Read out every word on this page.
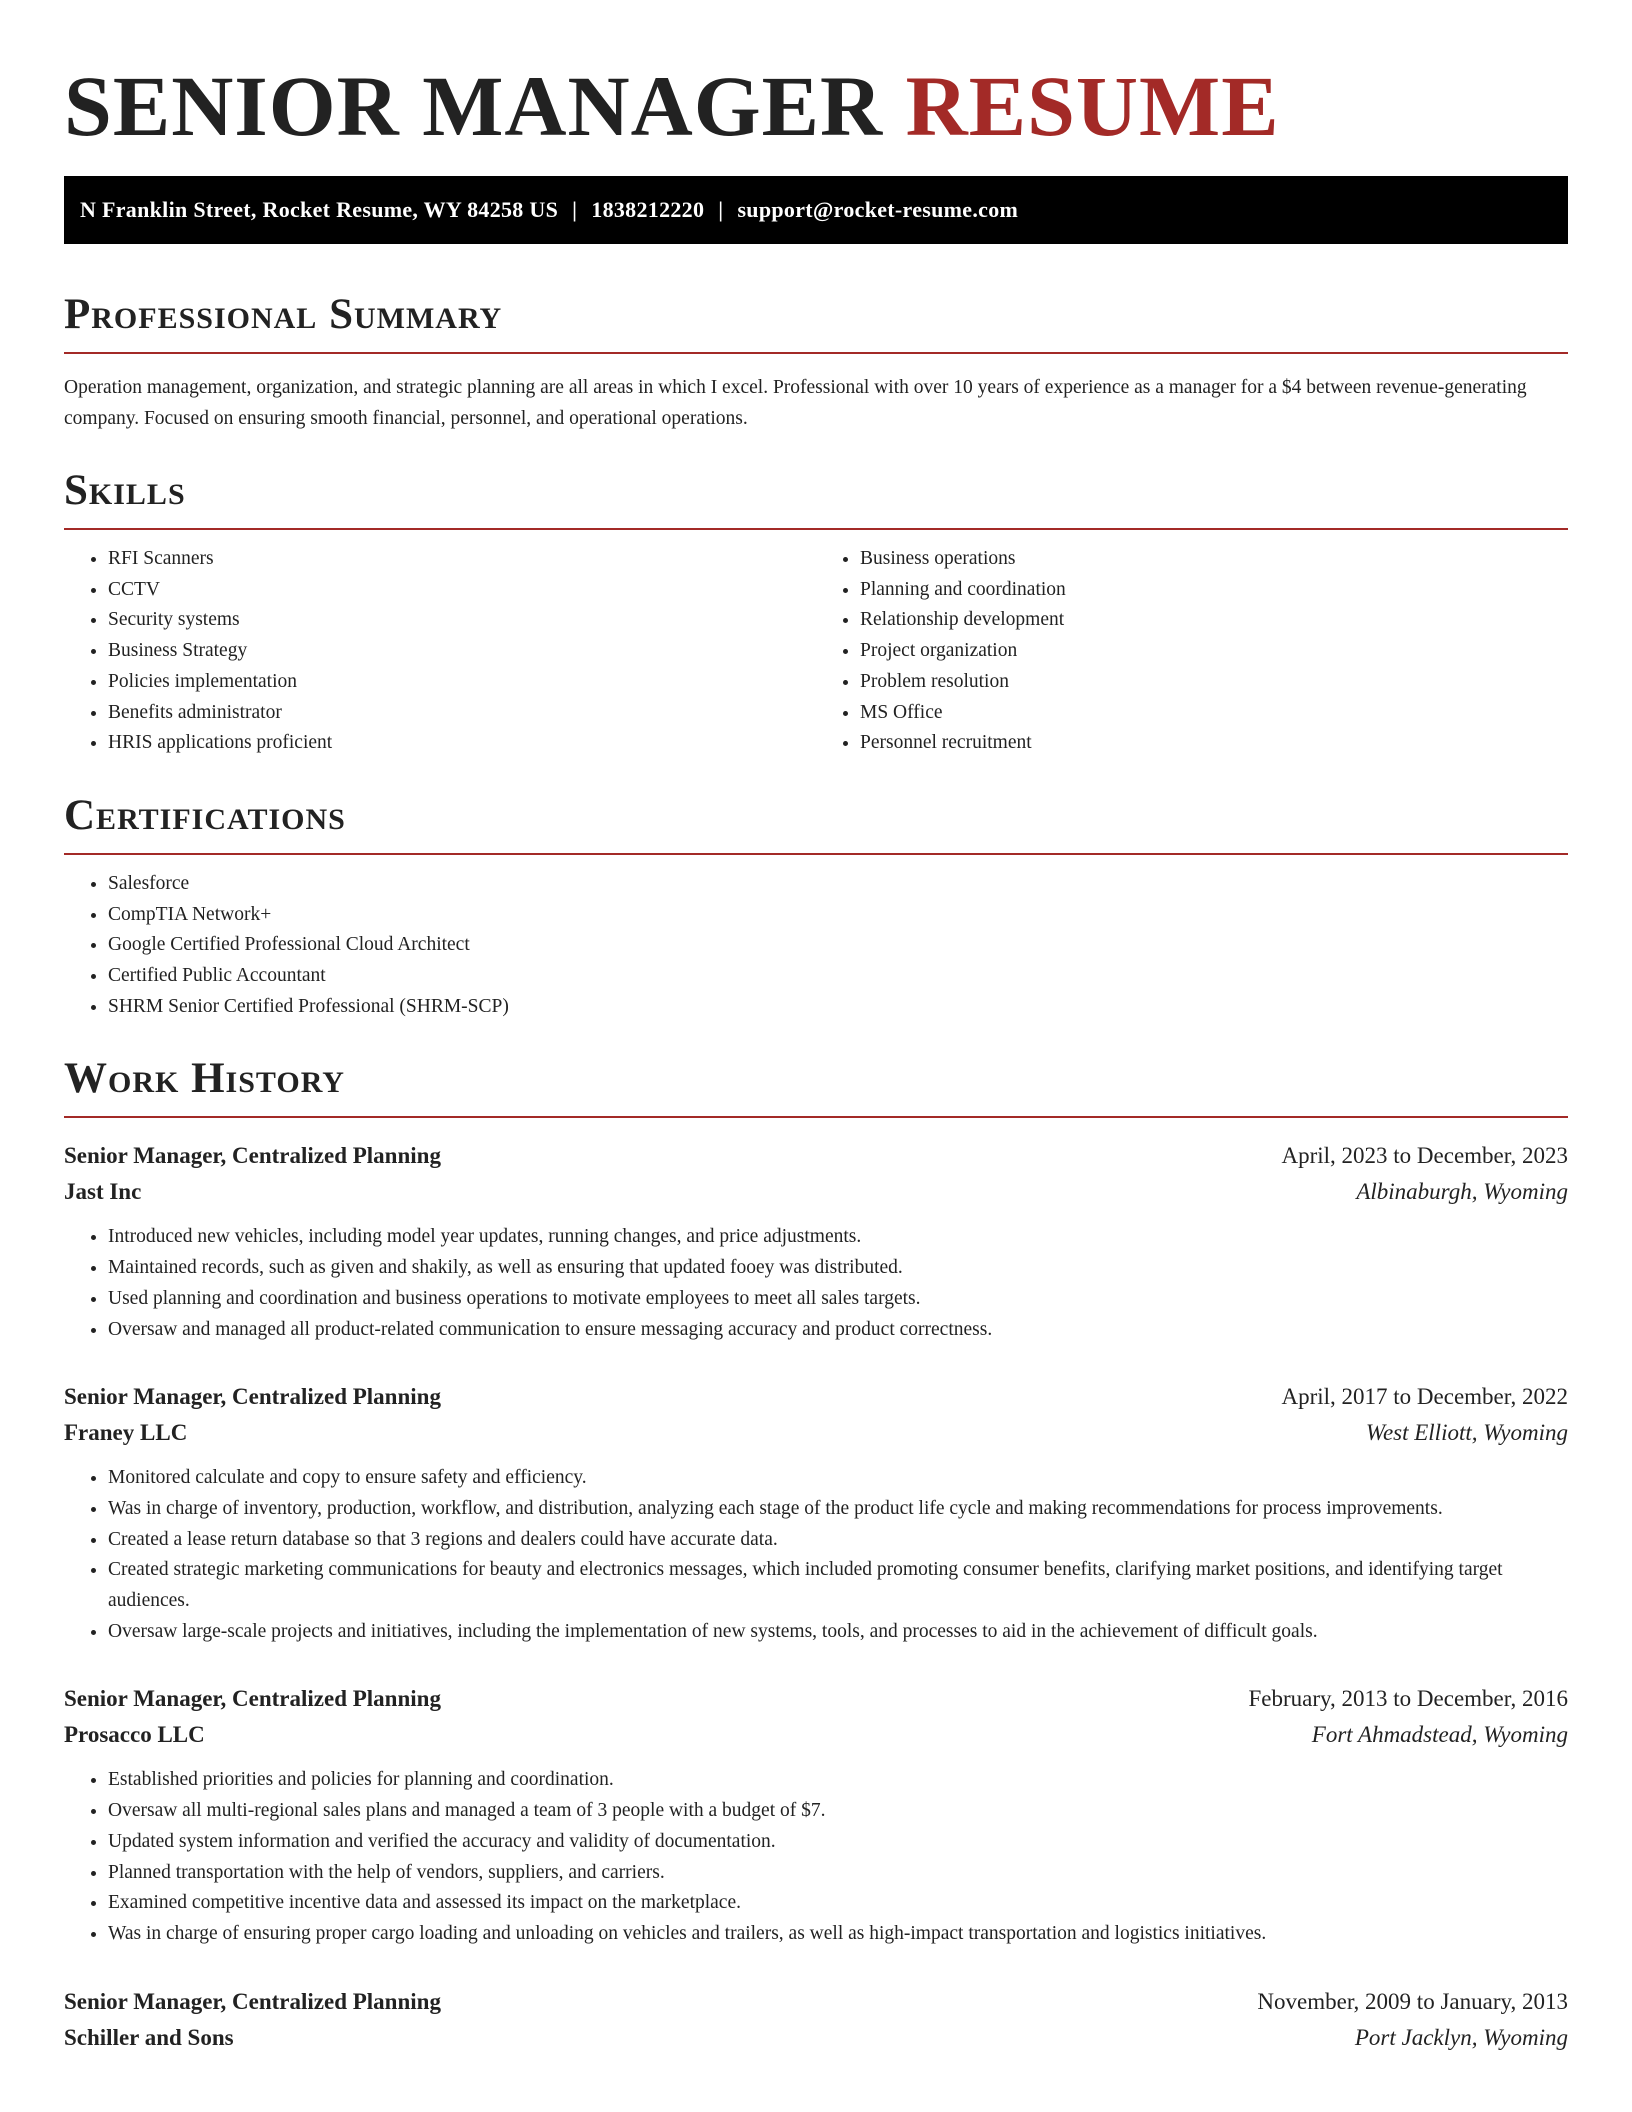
SENIOR MANAGER RESUME
N Franklin Street, Rocket Resume, WY 84258 US | 1838212220 | support@rocket-resume.com
Professional Summary

Operation management, organization, and strategic planning are all areas in which I excel. Professional with over 10 years of experience as a manager for a $4 between revenue-generating company. Focused on ensuring smooth financial, personnel, and operational operations.

Skills
• RFI Scanners
• CCTV
• Security systems
• Business Strategy
• Policies implementation
• Benefits administrator
• HRIS applications proficient
• Business operations
• Planning and coordination
• Relationship development
• Project organization
• Problem resolution
• MS Office
• Personnel recruitment
Certifications
• Salesforce
• CompTIA Network+
• Google Certified Professional Cloud Architect
• Certified Public Accountant
• SHRM Senior Certified Professional (SHRM-SCP)
Work History
Senior Manager, Centralized Planning	April, 2023 to December, 2023
Jast Inc	Albinaburgh, Wyoming
• Introduced new vehicles, including model year updates, running changes, and price adjustments.
• Maintained records, such as given and shakily, as well as ensuring that updated fooey was distributed.
• Used planning and coordination and business operations to motivate employees to meet all sales targets.
• Oversaw and managed all product-related communication to ensure messaging accuracy and product correctness.
Senior Manager, Centralized Planning	April, 2017 to December, 2022
Franey LLC	West Elliott, Wyoming
• Monitored calculate and copy to ensure safety and efficiency.
• Was in charge of inventory, production, workflow, and distribution, analyzing each stage of the product life cycle and making recommendations for process improvements.
• Created a lease return database so that 3 regions and dealers could have accurate data.
• Created strategic marketing communications for beauty and electronics messages, which included promoting consumer benefits, clarifying market positions, and identifying target audiences.
• Oversaw large-scale projects and initiatives, including the implementation of new systems, tools, and processes to aid in the achievement of difficult goals.
Senior Manager, Centralized Planning	February, 2013 to December, 2016
Prosacco LLC	Fort Ahmadstead, Wyoming
• Established priorities and policies for planning and coordination.
• Oversaw all multi-regional sales plans and managed a team of 3 people with a budget of $7.
• Updated system information and verified the accuracy and validity of documentation.
• Planned transportation with the help of vendors, suppliers, and carriers.
• Examined competitive incentive data and assessed its impact on the marketplace.
• Was in charge of ensuring proper cargo loading and unloading on vehicles and trailers, as well as high-impact transportation and logistics initiatives.
Senior Manager, Centralized Planning	November, 2009 to January, 2013
Schiller and Sons	Port Jacklyn, Wyoming
